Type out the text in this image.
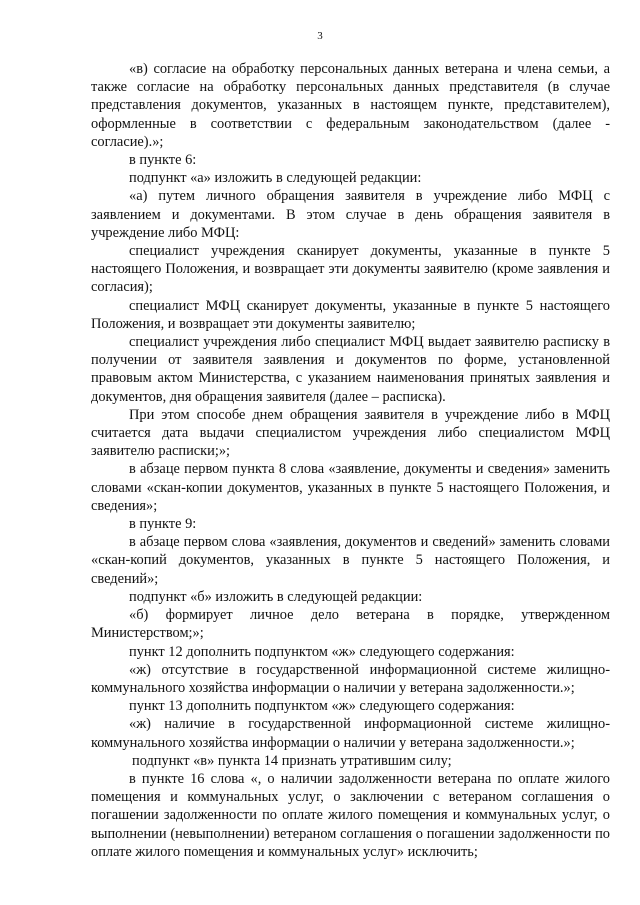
3

«в) согласие на обработку персональных данных ветерана и члена семьи, а также согласие на обработку персональных данных представителя (в случае представления документов, указанных в настоящем пункте, представителем), оформленные в соответствии с федеральным законодательством (далее - согласие).»;

в пункте 6:

подпункт «а» изложить в следующей редакции:

«а) путем личного обращения заявителя в учреждение либо МФЦ с заявлением и документами. В этом случае в день обращения заявителя в учреждение либо МФЦ:

специалист учреждения сканирует документы, указанные в пункте 5 настоящего Положения, и возвращает эти документы заявителю (кроме заявления и согласия);

специалист МФЦ сканирует документы, указанные в пункте 5 настоящего Положения, и возвращает эти документы заявителю;

специалист учреждения либо специалист МФЦ выдает заявителю расписку в получении от заявителя заявления и документов по форме, установленной правовым актом Министерства, с указанием наименования принятых заявления и документов, дня обращения заявителя (далее – расписка).

При этом способе днем обращения заявителя в учреждение либо в МФЦ считается дата выдачи специалистом учреждения либо специалистом МФЦ заявителю расписки;»;

в абзаце первом пункта 8 слова «заявление, документы и сведения» заменить словами «скан-копии документов, указанных в пункте 5 настоящего Положения, и сведения»;

в пункте 9:

в абзаце первом слова «заявления, документов и сведений» заменить словами «скан-копий документов, указанных в пункте 5 настоящего Положения, и сведений»;

подпункт «б» изложить в следующей редакции:

«б) формирует личное дело ветерана в порядке, утвержденном Министерством;»;

пункт 12 дополнить подпунктом «ж» следующего содержания:

«ж) отсутствие в государственной информационной системе жилищно-коммунального хозяйства информации о наличии у ветерана задолженности.»;

пункт 13 дополнить подпунктом «ж» следующего содержания:

«ж) наличие в государственной информационной системе жилищно-коммунального хозяйства информации о наличии у ветерана задолженности.»;

подпункт «в» пункта 14 признать утратившим силу;

в пункте 16 слова «, о наличии задолженности ветерана по оплате жилого помещения и коммунальных услуг, о заключении с ветераном соглашения о погашении задолженности по оплате жилого помещения и коммунальных услуг, о выполнении (невыполнении) ветераном соглашения о погашении задолженности по оплате жилого помещения и коммунальных услуг» исключить;
